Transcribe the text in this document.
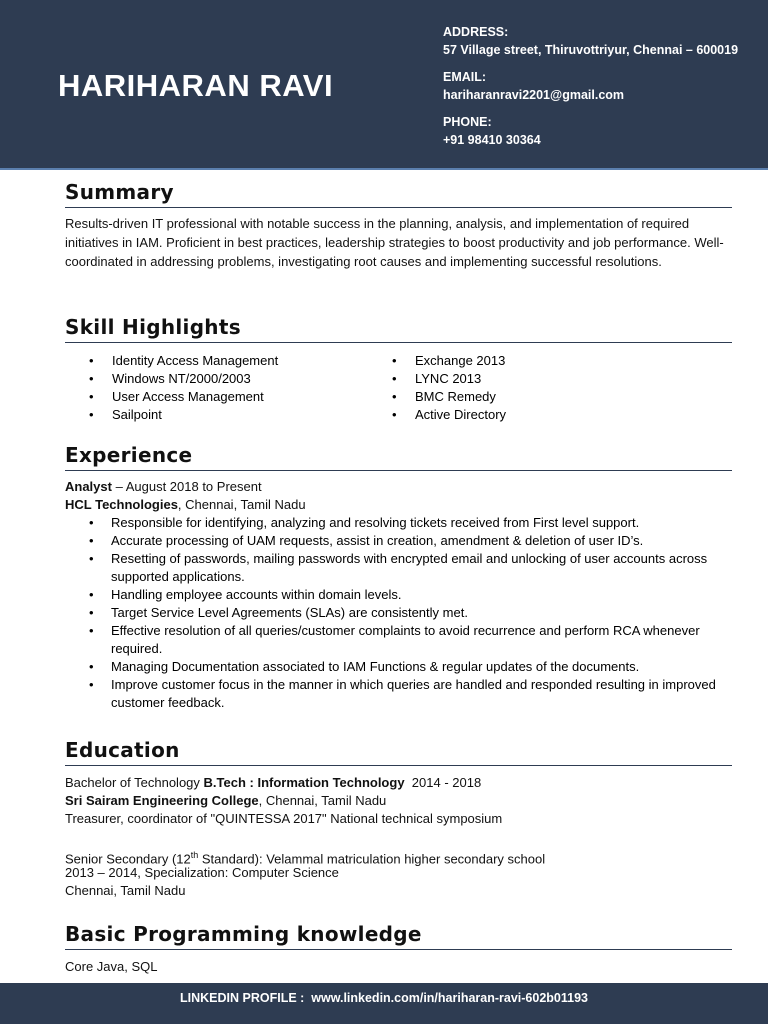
HARIHARAN RAVI
ADDRESS:
57 Village street, Thiruvottriyur, Chennai – 600019
EMAIL:
hariharanravi2201@gmail.com
PHONE:
+91 98410 30364
Summary
Results-driven IT professional with notable success in the planning, analysis, and implementation of required initiatives in IAM. Proficient in best practices, leadership strategies to boost productivity and job performance. Well-coordinated in addressing problems, investigating root causes and implementing successful resolutions.
Skill Highlights
• Identity Access Management
• Windows NT/2000/2003
• User Access Management
• Sailpoint
• Exchange 2013
• LYNC 2013
• BMC Remedy
• Active Directory
Experience
Analyst – August 2018 to Present
HCL Technologies, Chennai, Tamil Nadu
• Responsible for identifying, analyzing and resolving tickets received from First level support.
• Accurate processing of UAM requests, assist in creation, amendment & deletion of user ID’s.
• Resetting of passwords, mailing passwords with encrypted email and unlocking of user accounts across supported applications.
• Handling employee accounts within domain levels.
• Target Service Level Agreements (SLAs) are consistently met.
• Effective resolution of all queries/customer complaints to avoid recurrence and perform RCA whenever required.
• Managing Documentation associated to IAM Functions & regular updates of the documents.
• Improve customer focus in the manner in which queries are handled and responded resulting in improved customer feedback.
Education
Bachelor of Technology B.Tech : Information Technology  2014 - 2018
Sri Sairam Engineering College, Chennai, Tamil Nadu
Treasurer, coordinator of "QUINTESSA 2017" National technical symposium
Senior Secondary (12th Standard): Velammal matriculation higher secondary school
2013 – 2014, Specialization: Computer Science
Chennai, Tamil Nadu
Basic Programming knowledge
Core Java, SQL
LINKEDIN PROFILE : www.linkedin.com/in/hariharan-ravi-602b01193
